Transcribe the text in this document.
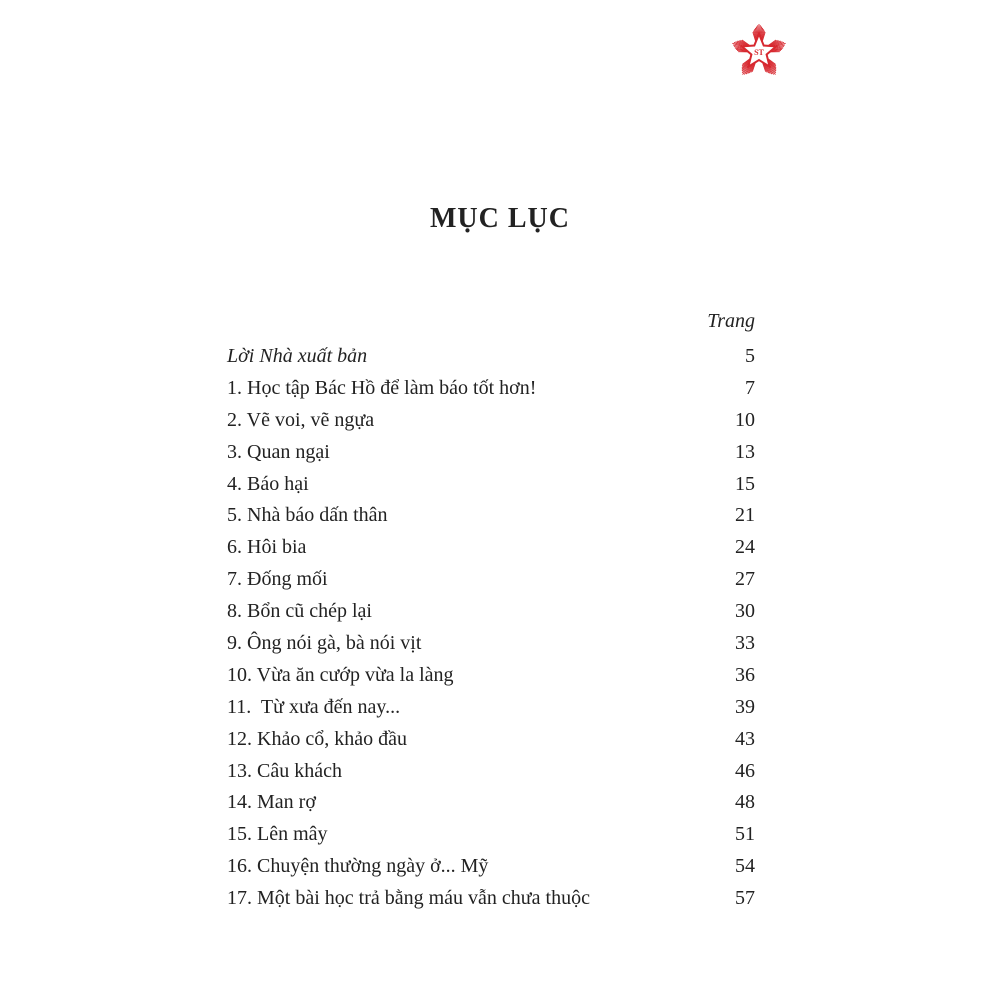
ST
MỤC LỤC
Trang
Lời Nhà xuất bản	5
1. Học tập Bác Hồ để làm báo tốt hơn!	7
2. Vẽ voi, vẽ ngựa	10
3. Quan ngại	13
4. Báo hại	15
5. Nhà báo dấn thân	21
6. Hôi bia	24
7. Đống mối	27
8. Bổn cũ chép lại	30
9. Ông nói gà, bà nói vịt	33
10. Vừa ăn cướp vừa la làng	36
11.  Từ xưa đến nay...	39
12. Khảo cổ, khảo đầu	43
13. Câu khách	46
14. Man rợ	48
15. Lên mây	51
16. Chuyện thường ngày ở... Mỹ	54
17. Một bài học trả bằng máu vẫn chưa thuộc	57
